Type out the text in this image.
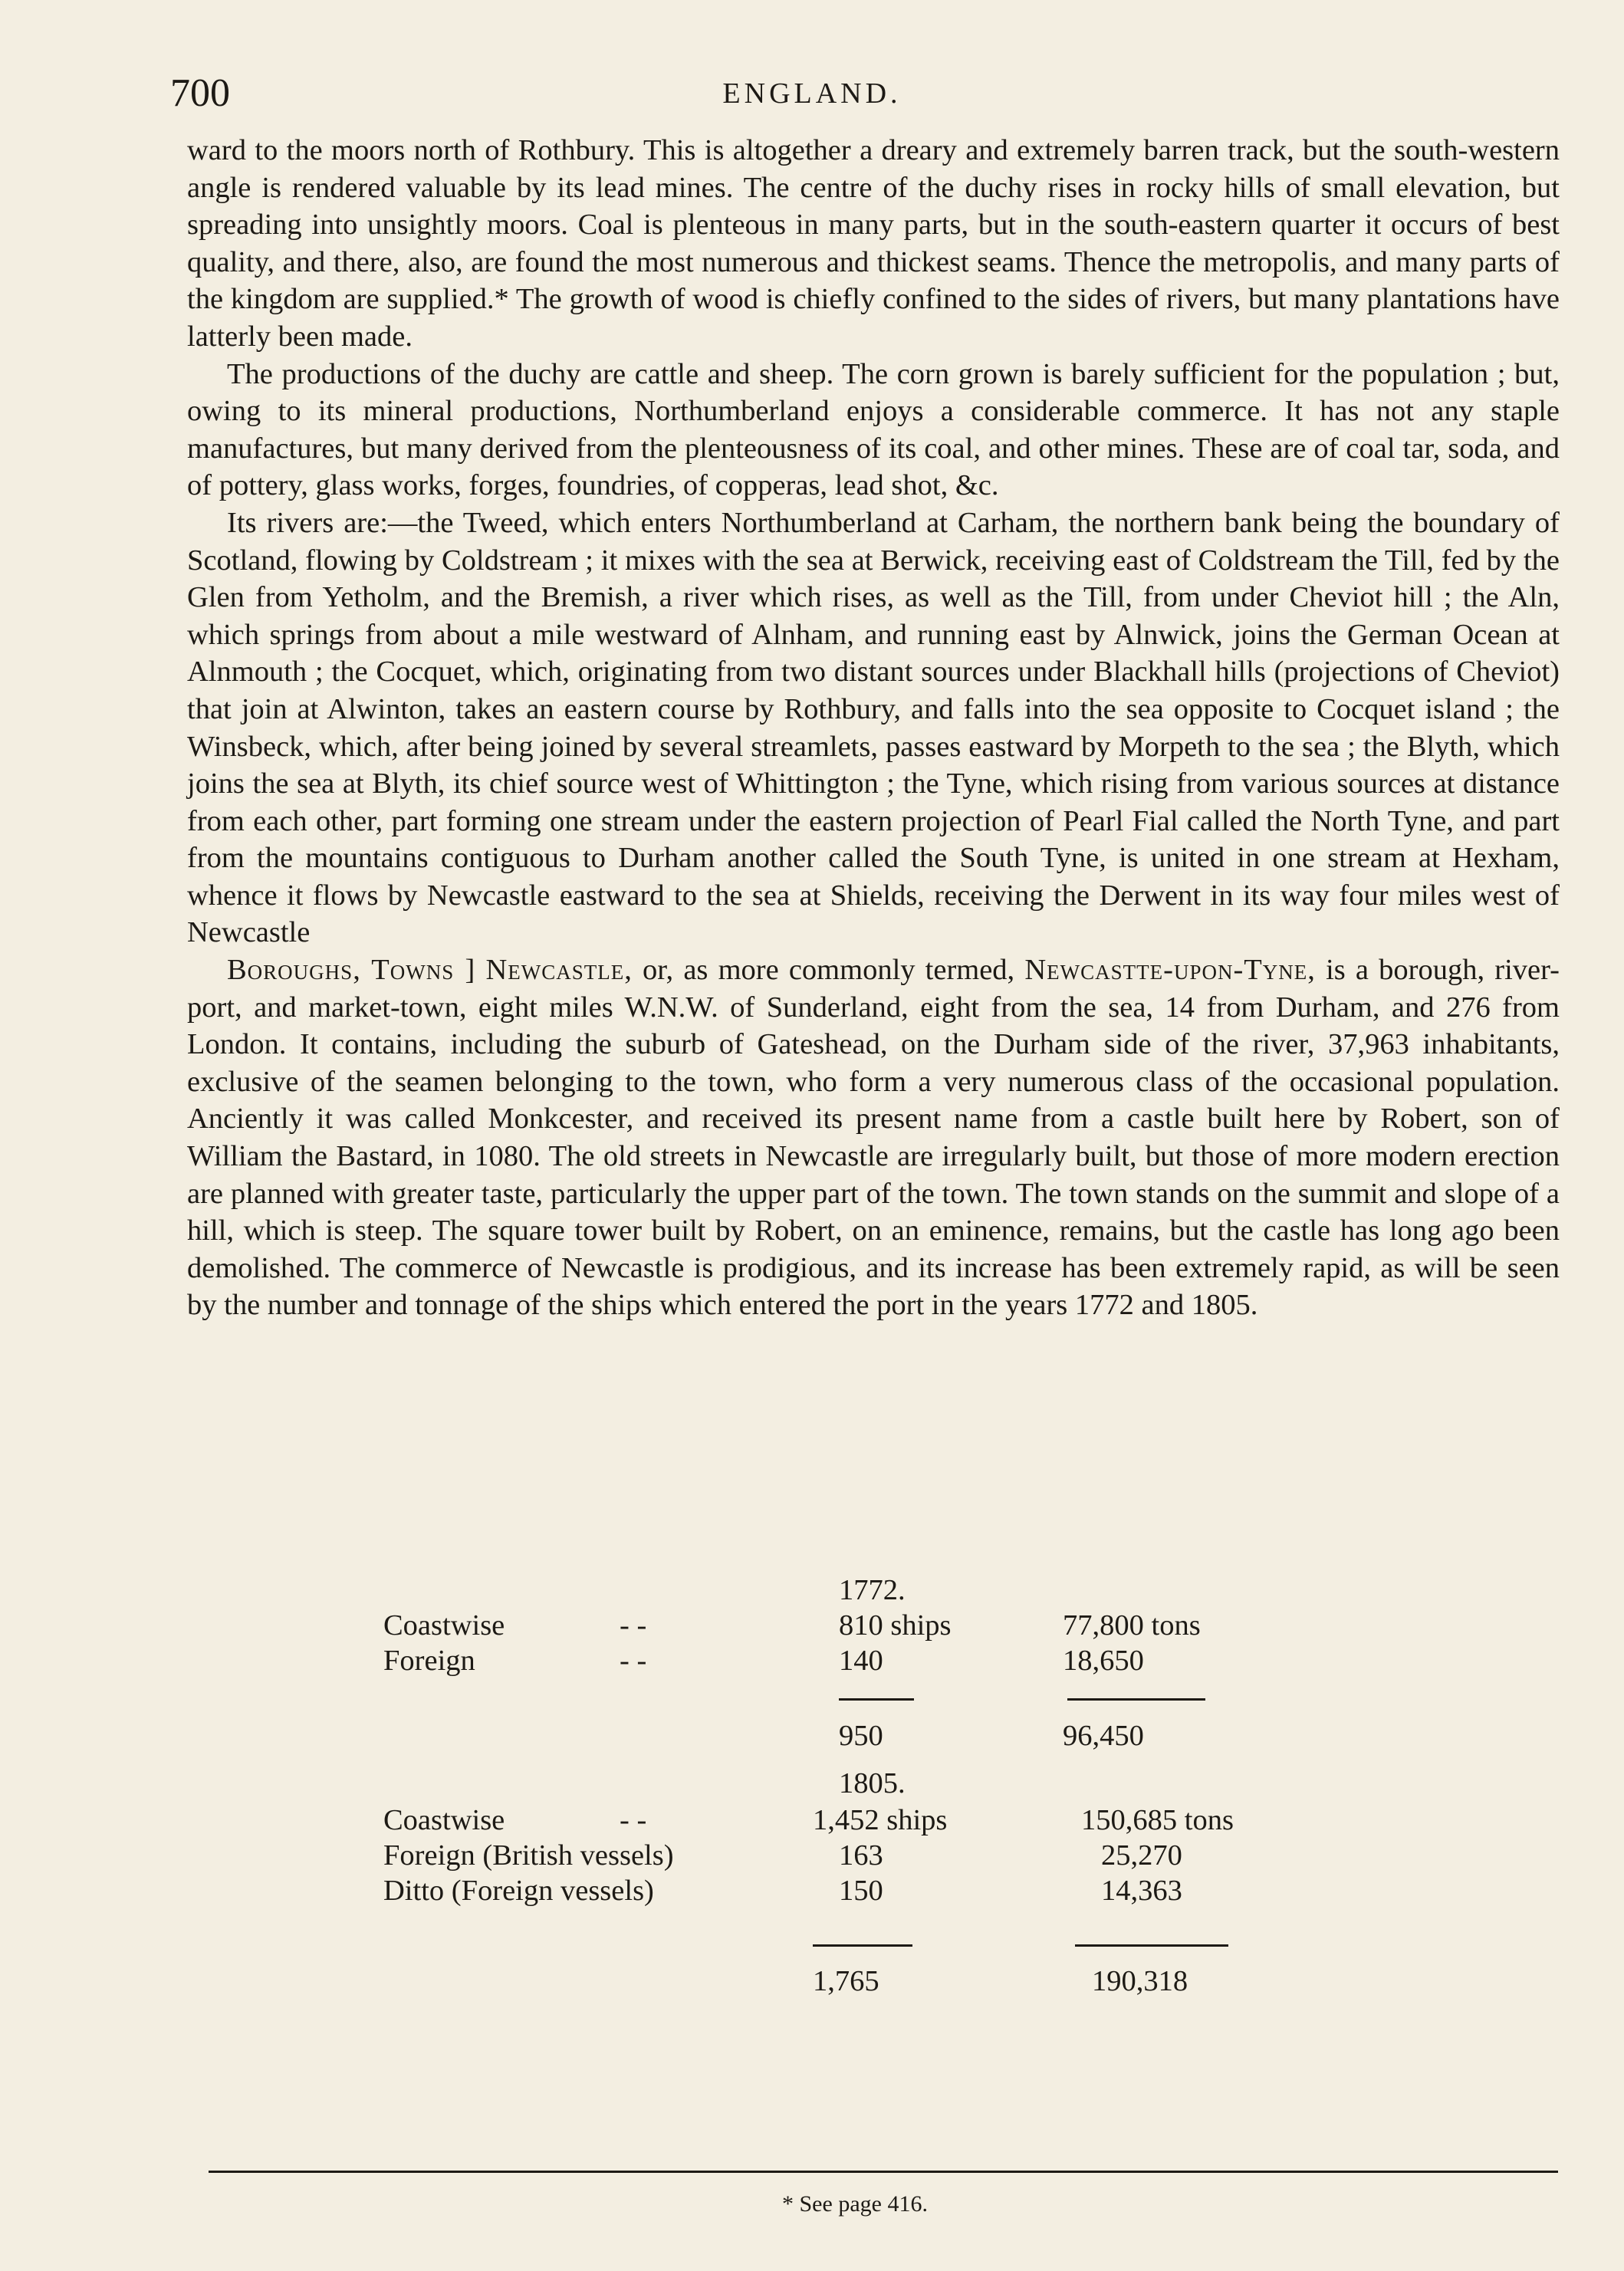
700	ENGLAND.

ward to the moors north of Rothbury. This is altogether a dreary and extremely barren track, but the south-western angle is rendered valuable by its lead mines. The centre of the duchy rises in rocky hills of small elevation, but spreading into unsightly moors. Coal is plenteous in many parts, but in the south-eastern quarter it occurs of best quality, and there, also, are found the most numerous and thickest seams. Thence the metropolis, and many parts of the kingdom are supplied.* The growth of wood is chiefly confined to the sides of rivers, but many plantations have latterly been made.

The productions of the duchy are cattle and sheep. The corn grown is barely sufficient for the population ; but, owing to its mineral productions, Northumberland enjoys a considerable commerce. It has not any staple manufactures, but many derived from the plenteousness of its coal, and other mines. These are of coal tar, soda, and of pottery, glass works, forges, foundries, of copperas, lead shot, &c.

Its rivers are:—the Tweed, which enters Northumberland at Carham, the northern bank being the boundary of Scotland, flowing by Coldstream ; it mixes with the sea at Berwick, receiving east of Coldstream the Till, fed by the Glen from Yetholm, and the Bremish, a river which rises, as well as the Till, from under Cheviot hill ; the Aln, which springs from about a mile westward of Alnham, and running east by Alnwick, joins the German Ocean at Alnmouth ; the Cocquet, which, originating from two distant sources under Blackhall hills (projections of Cheviot) that join at Alwinton, takes an eastern course by Rothbury, and falls into the sea opposite to Cocquet island ; the Winsbeck, which, after being joined by several streamlets, passes eastward by Morpeth to the sea ; the Blyth, which joins the sea at Blyth, its chief source west of Whittington ; the Tyne, which rising from various sources at distance from each other, part forming one stream under the eastern projection of Pearl Fial called the North Tyne, and part from the mountains contiguous to Durham another called the South Tyne, is united in one stream at Hexham, whence it flows by Newcastle eastward to the sea at Shields, receiving the Derwent in its way four miles west of Newcastle

Boroughs, Towns ] Newcastle, or, as more commonly termed, Newcastte-upon-Tyne, is a borough, river-port, and market-town, eight miles W.N.W. of Sunderland, eight from the sea, 14 from Durham, and 276 from London. It contains, including the suburb of Gateshead, on the Durham side of the river, 37,963 inhabitants, exclusive of the seamen belonging to the town, who form a very numerous class of the occasional population. Anciently it was called Monkcester, and received its present name from a castle built here by Robert, son of William the Bastard, in 1080. The old streets in Newcastle are irregularly built, but those of more modern erection are planned with greater taste, particularly the upper part of the town. The town stands on the summit and slope of a hill, which is steep. The square tower built by Robert, on an eminence, remains, but the castle has long ago been demolished. The commerce of Newcastle is prodigious, and its increase has been extremely rapid, as will be seen by the number and tonnage of the ships which entered the port in the years 1772 and 1805.

1772.
Coastwise	- -	810 ships	77,800 tons
Foreign	- -	140	18,650
950	96,450
1805.
Coastwise	- -	1,452 ships	150,685 tons
Foreign (British vessels)	163	25,270
Ditto (Foreign vessels)	150	14,363
1,765	190,318
* See page 416.
